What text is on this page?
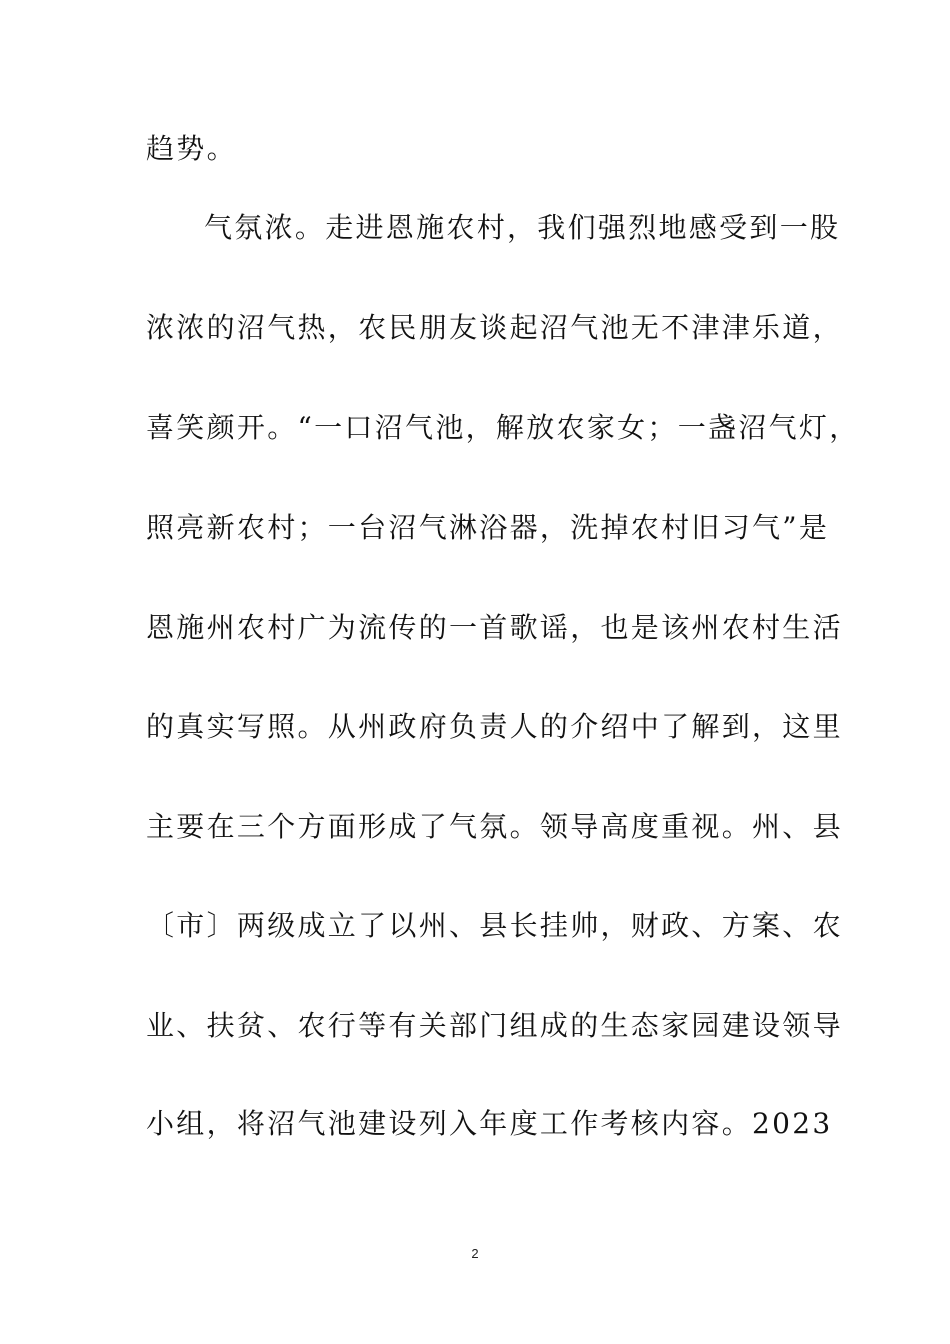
趋势。
气氛浓。走进恩施农村，我们强烈地感受到一股
浓浓的沼气热，农民朋友谈起沼气池无不津津乐道，
喜笑颜开。“一口沼气池，解放农家女；一盏沼气灯，
照亮新农村；一台沼气淋浴器，洗掉农村旧习气”是
恩施州农村广为流传的一首歌谣，也是该州农村生活
的真实写照。从州政府负责人的介绍中了解到，这里
主要在三个方面形成了气氛。领导高度重视。州、县
〔市〕两级成立了以州、县长挂帅，财政、方案、农
业、扶贫、农行等有关部门组成的生态家园建设领导
小组，将沼气池建设列入年度工作考核内容。2023
2
